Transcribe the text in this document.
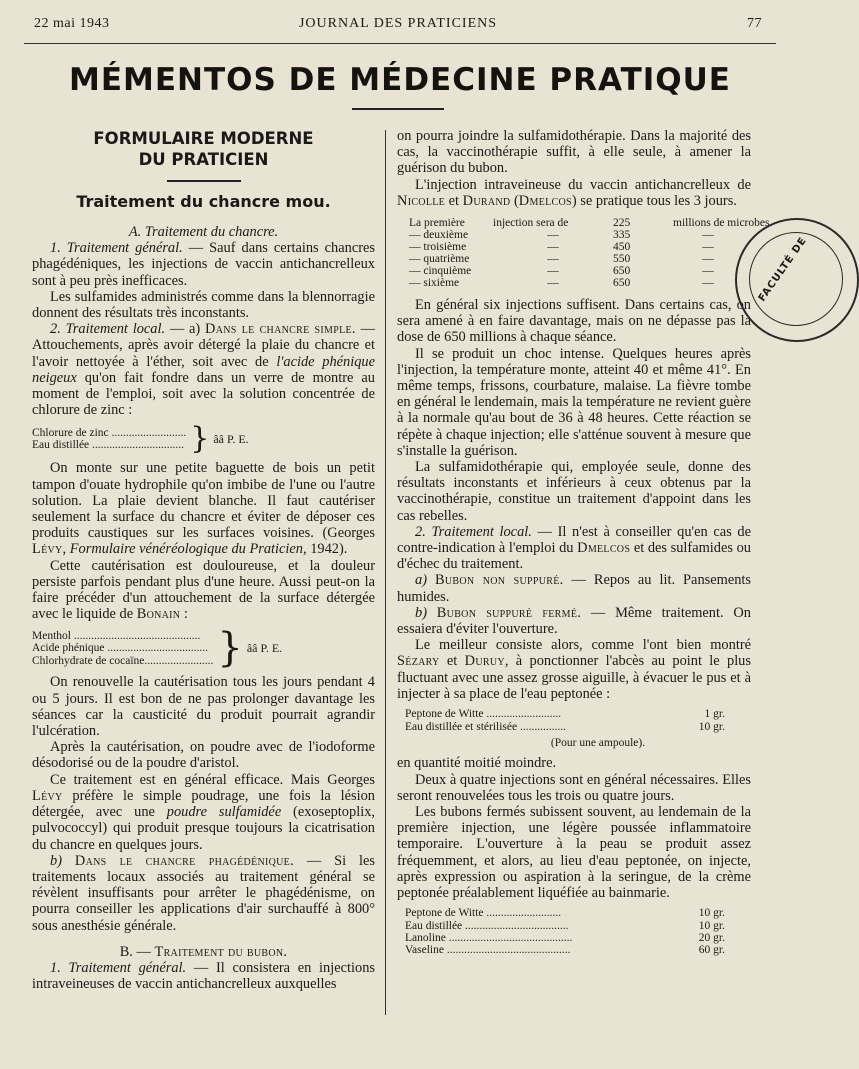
22 mai 1943	JOURNAL DES PRATICIENS	77
MÉMENTOS DE MÉDECINE PRATIQUE
FORMULAIRE MODERNE
DU PRATICIEN
Traitement du chancre mou.

A. Traitement du chancre.

1. Traitement général. — Sauf dans certains chancres phagédéniques, les injections de vaccin antichancrelleux sont à peu près inefficaces.

Les sulfamides administrés comme dans la blennorragie donnent des résultats très inconstants.

2. Traitement local. — a) Dans le chancre simple. — Attouchements, après avoir détergé la plaie du chancre et l'avoir nettoyée à l'éther, soit avec de l'acide phénique neigeux qu'on fait fondre dans un verre de montre au moment de l'emploi, soit avec la solution concentrée de chlorure de zinc :

Chlorure de zinc ..........................
Eau distillée ................................ } ââ P. E.

On monte sur une petite baguette de bois un petit tampon d'ouate hydrophile qu'on imbibe de l'une ou l'autre solution. La plaie devient blanche. Il faut cautériser seulement la surface du chancre et éviter de déposer ces produits caustiques sur les surfaces voisines. (Georges Lévy, Formulaire vénéréologique du Praticien, 1942).

Cette cautérisation est douloureuse, et la douleur persiste parfois pendant plus d'une heure. Aussi peut-on la faire précéder d'un attouchement de la surface détergée avec le liquide de Bonain :

Menthol ............................................
Acide phénique ...................................
Chlorhydrate de cocaïne........................ } ââ P. E.

On renouvelle la cautérisation tous les jours pendant 4 ou 5 jours. Il est bon de ne pas prolonger davantage les séances car la causticité du produit pourrait agrandir l'ulcération.

Après la cautérisation, on poudre avec de l'iodoforme désodorisé ou de la poudre d'aristol.

Ce traitement est en général efficace. Mais Georges Lévy préfère le simple poudrage, une fois la lésion détergée, avec une poudre sulfamidée (exoseptoplix, pulvococcyl) qui produit presque toujours la cicatrisation du chancre en quelques jours.

b) Dans le chancre phagédénique. — Si les traitements locaux associés au traitement général se révèlent insuffisants pour arrêter le phagédénisme, on pourra conseiller les applications d'air surchauffé à 800° sous anesthésie générale.

B. — Traitement du bubon.

1. Traitement général. — Il consistera en injections intraveineuses de vaccin antichancrelleux auxquelles

on pourra joindre la sulfamidothérapie. Dans la majorité des cas, la vaccinothérapie suffit, à elle seule, à amener la guérison du bubon.

L'injection intraveineuse du vaccin antichancrelleux de Nicolle et Durand (Dmelcos) se pratique tous les 3 jours.

La première	injection sera de	225	millions de microbes
— deuxième	—	335	—
— troisième	—	450	—
— quatrième	—	550	—
— cinquième	—	650	—
— sixième	—	650	—

En général six injections suffisent. Dans certains cas, on sera amené à en faire davantage, mais on ne dépasse pas la dose de 650 millions à chaque séance.

Il se produit un choc intense. Quelques heures après l'injection, la température monte, atteint 40 et même 41°. En même temps, frissons, courbature, malaise. La fièvre tombe en général le lendemain, mais la température ne revient guère à la normale qu'au bout de 36 à 48 heures. Cette réaction se répète à chaque injection; elle s'atténue souvent à mesure que s'installe la guérison.

La sulfamidothérapie qui, employée seule, donne des résultats inconstants et inférieurs à ceux obtenus par la vaccinothérapie, constitue un traitement d'appoint dans les cas rebelles.

2. Traitement local. — Il n'est à conseiller qu'en cas de contre-indication à l'emploi du Dmelcos et des sulfamides ou d'échec du traitement.

a) Bubon non suppuré. — Repos au lit. Pansements humides.

b) Bubon suppuré fermé. — Même traitement. On essaiera d'éviter l'ouverture.

Le meilleur consiste alors, comme l'ont bien montré Sézary et Duruy, à ponctionner l'abcès au point le plus fluctuant avec une assez grosse aiguille, à évacuer le pus et à injecter à sa place de l'eau peptonée :

Peptone de Witte ..........................	1 gr.
Eau distillée et stérilisée ................	10 gr.
(Pour une ampoule).

en quantité moitié moindre.

Deux à quatre injections sont en général nécessaires. Elles seront renouvelées tous les trois ou quatre jours.

Les bubons fermés subissent souvent, au lendemain de la première injection, une légère poussée inflammatoire temporaire. L'ouverture à la peau se produit assez fréquemment, et alors, au lieu d'eau peptonée, on injecte, après expression ou aspiration à la seringue, de la crème peptonée préalablement liquéfiée au bainmarie.

Peptone de Witte ..........................	10 gr.
Eau distillée ....................................	10 gr.
Lanoline ...........................................	20 gr.
Vaseline ...........................................	60 gr.
FACULTÉ DE
